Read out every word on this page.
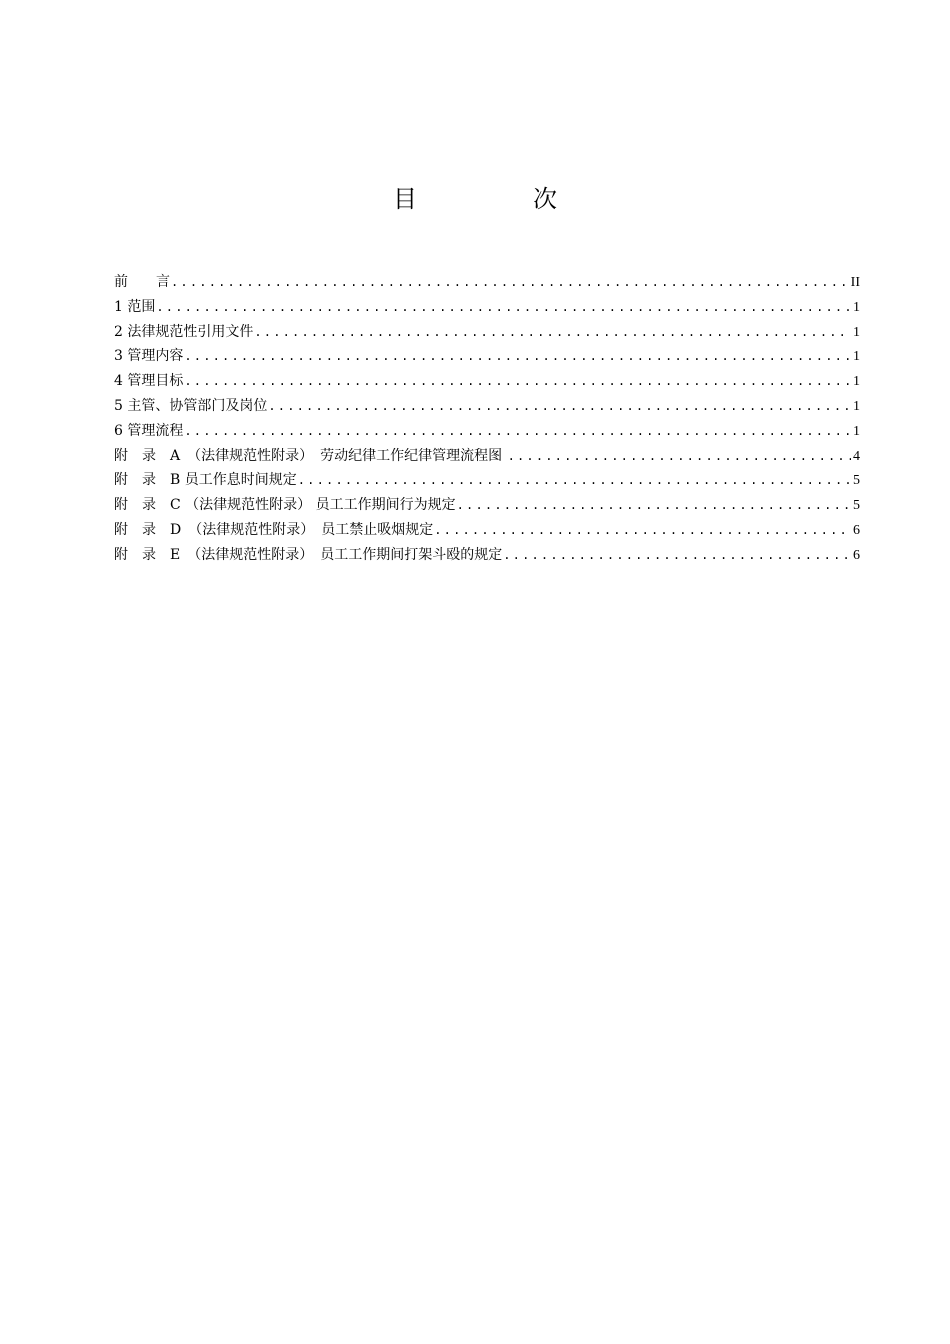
目　次
前　　言 .....	II
1 范围 .....	1
2 法律规范性引用文件 .....	1
3 管理内容 .....	1
4 管理目标 .....	1
5 主管、协管部门及岗位 .....	1
6 管理流程 .....	1
附　录　A　（法律规范性附录）　劳动纪律工作纪律管理流程图 .....	4
附　录　B 员工作息时间规定 .....	5
附　录　C （法律规范性附录） 员工工作期间行为规定 .....	5
附　录　D　（法律规范性附录）　员工禁止吸烟规定 .....	6
附　录　E　（法律规范性附录）　员工工作期间打架斗殴的规定 .....	6
